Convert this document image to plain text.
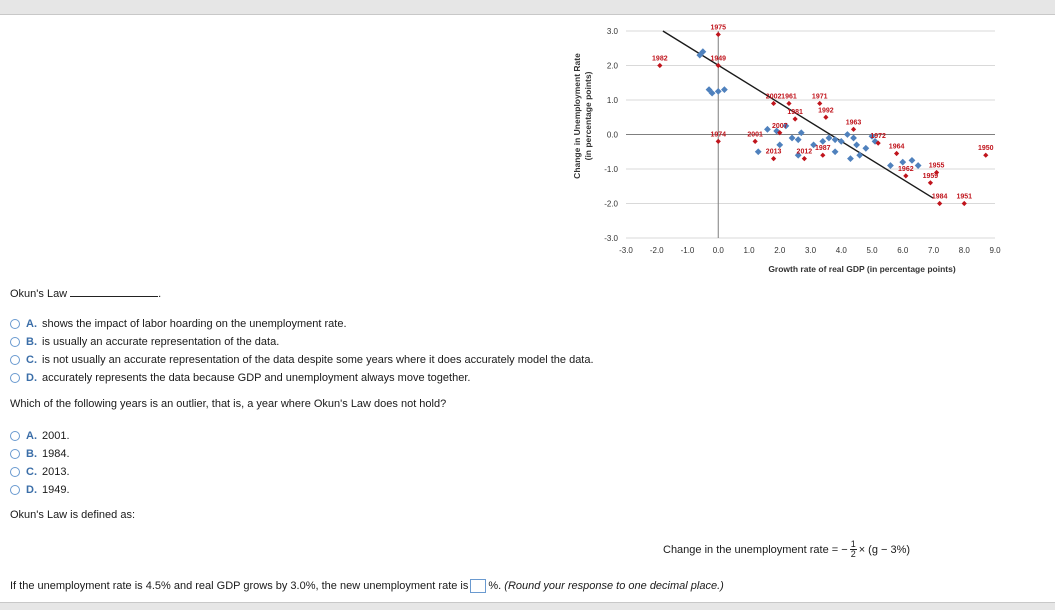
3.0
2.0
1.0
0.0
-1.0
-2.0
-3.0
-3.0 -2.0 -1.0 0.0 1.0 2.0 3.0 4.0 5.0 6.0 7.0 8.0 9.0
1975
1949
1982
1974	2001
2002 1961 1971
1981 1992
1963
2007
2013 2012 1987
1972
1964	1950
1955
1962
1959
1951
1984
Growth rate of real GDP (in percentage points)
Change in Unemployment Rate (in percentage points)
Okun's Law	.
A. shows the impact of labor hoarding on the unemployment rate.
B. is usually an accurate representation of the data.
C. is not usually an accurate representation of the data despite some years where it does accurately model the data.
D. accurately represents the data because GDP and unemployment always move together.
Which of the following years is an outlier, that is, a year where Okun's Law does not hold?
A. 2001.
B. 1984.
C. 2013.
D. 1949.
Okun's Law is defined as:
Change in the unemployment rate = − $\frac{1}{2} \times (g - 3\%)$
If the unemployment rate is 4.5% and real GDP grows by 3.0%, the new unemployment rate is %. (Round your response to one decimal place.)
